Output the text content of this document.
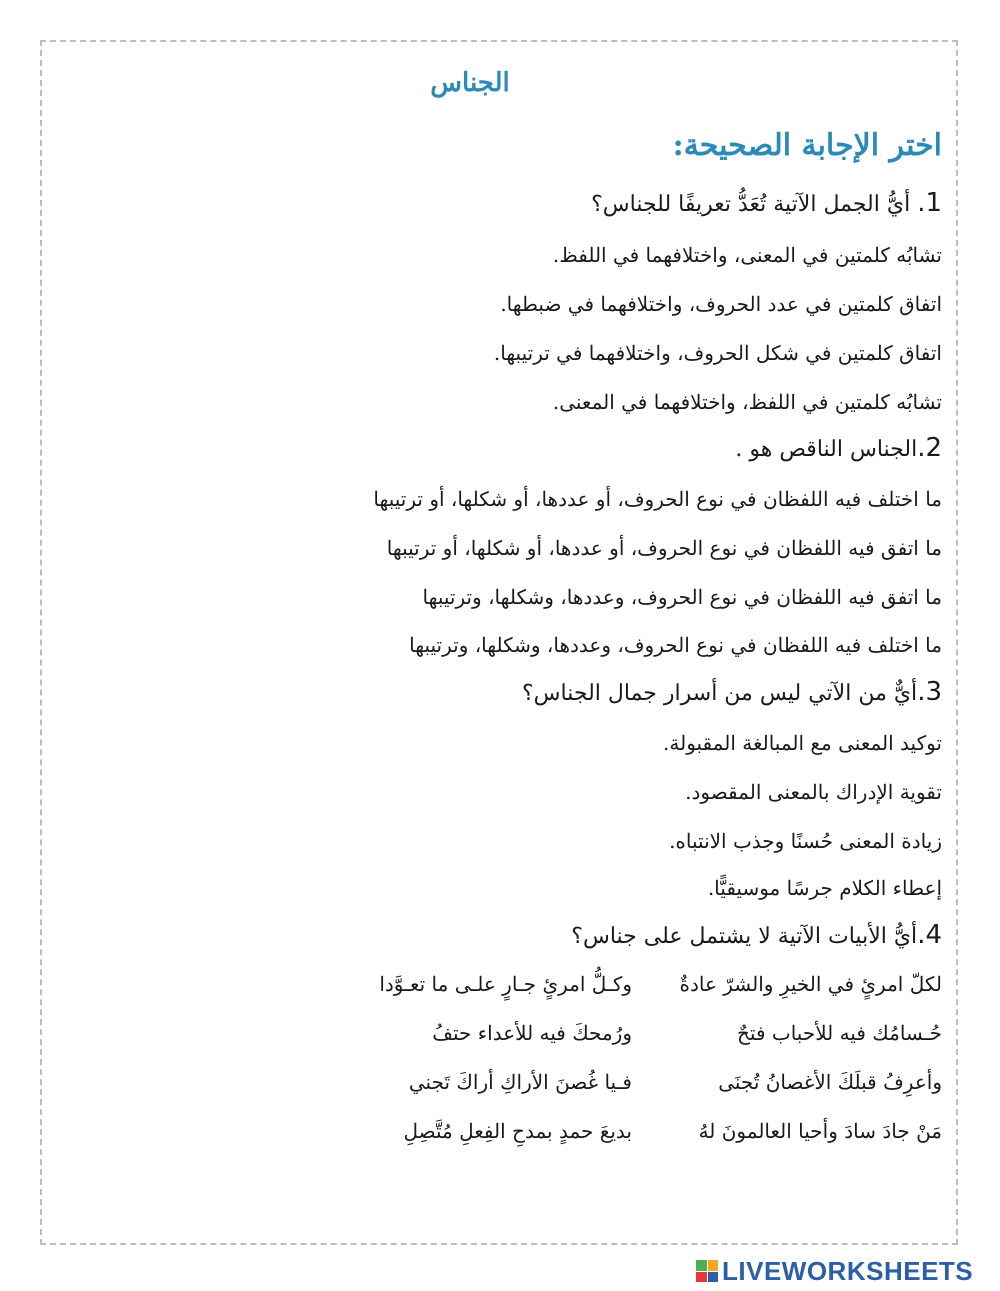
الجناس
اختر الإجابة الصحيحة:
1. أيُّ الجمل الآتية تُعَدُّ تعريفًا للجناس؟
تشابُه كلمتين في المعنى، واختلافهما في اللفظ.
اتفاق كلمتين في عدد الحروف، واختلافهما في ضبطها.
اتفاق كلمتين في شكل الحروف، واختلافهما في ترتيبها.
تشابُه كلمتين في اللفظ، واختلافهما في المعنى.
2.الجناس الناقص هو .
ما اختلف فيه اللفظان في نوع الحروف، أو عددها، أو شكلها، أو ترتيبها
ما اتفق فيه اللفظان في نوع الحروف، أو عددها، أو شكلها، أو ترتيبها
ما اتفق فيه اللفظان في نوع الحروف، وعددها، وشكلها، وترتيبها
ما اختلف فيه اللفظان في نوع الحروف، وعددها، وشكلها، وترتيبها
3.أيٌّ من الآتي ليس من أسرار جمال الجناس؟
توكيد المعنى مع المبالغة المقبولة.
تقوية الإدراك بالمعنى المقصود.
زيادة المعنى حُسنًا وجذب الانتباه.
إعطاء الكلام جرسًا موسيقيًّا.
4.أيُّ الأبيات الآتية لا يشتمل على جناس؟
لكلّ امرئٍ في الخيرِ والشرّ عادةٌ
وكـلُّ امرئٍ جـارٍ علـى ما تعـوَّدا
حُـسامُك فيه للأحباب فتحٌ
ورُمحكَ فيه للأعداء حتفُ
وأعرِفُ قبلَكَ الأغصانُ تُجنَى
فـيا غُصنَ الأراكِ أراكَ تَجني
مَنْ جادَ سادَ وأحيا العالمونَ لهُ
بديعَ حمدٍ بمدحِ الفِعلِ مُتَّصِلِ
LIVEWORKSHEETS
